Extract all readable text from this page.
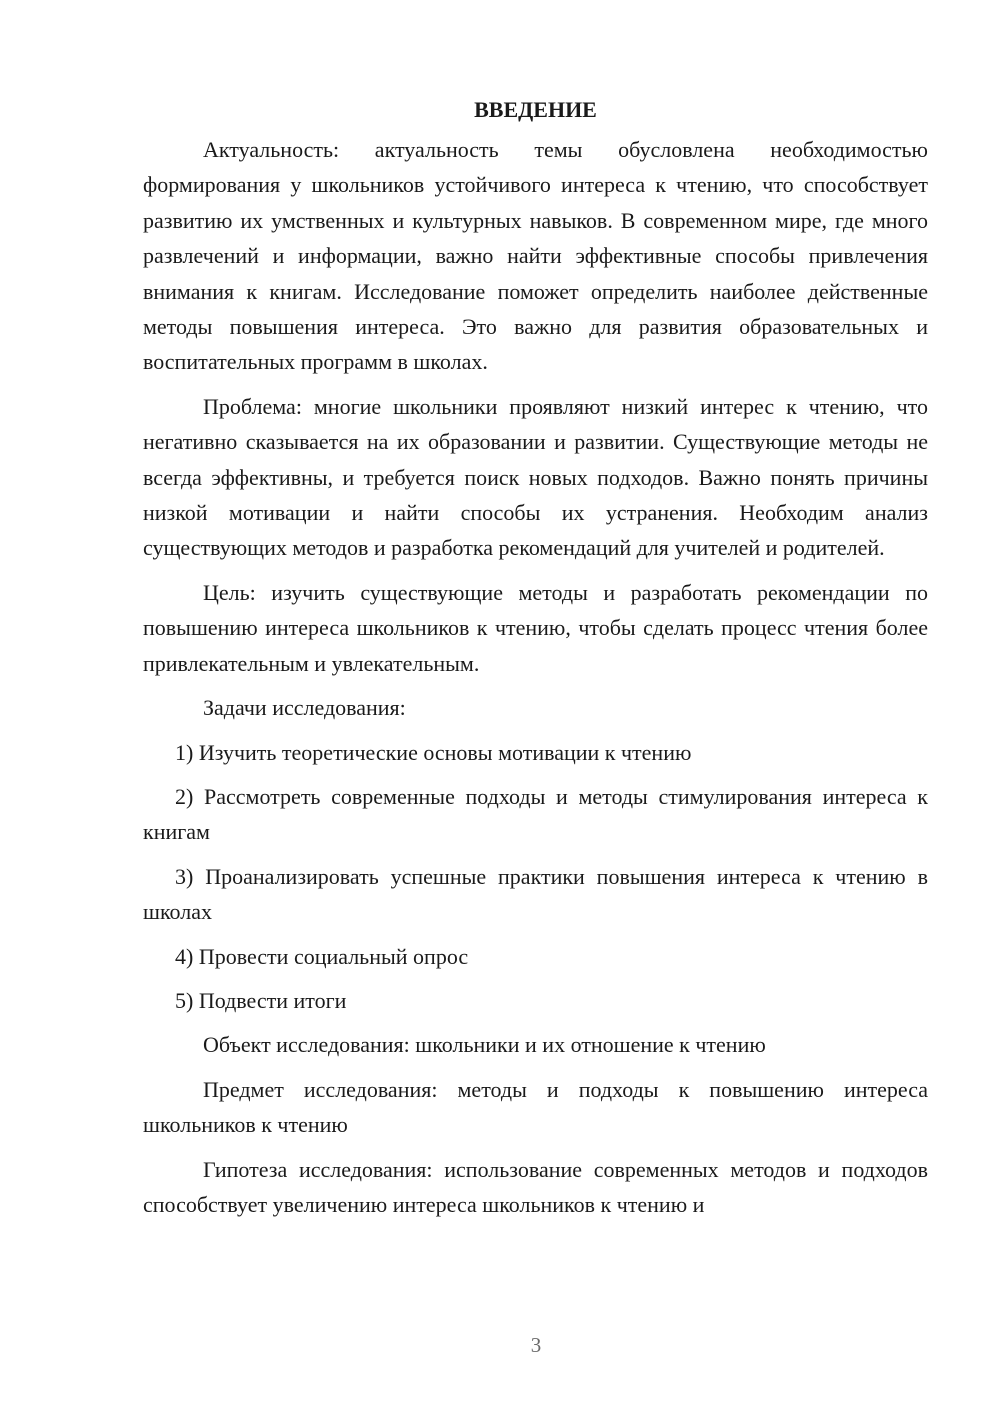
ВВЕДЕНИЕ

Актуальность: актуальность темы обусловлена необходимостью формирования у школьников устойчивого интереса к чтению, что способствует развитию их умственных и культурных навыков. В современном мире, где много развлечений и информации, важно найти эффективные способы привлечения внимания к книгам. Исследование поможет определить наиболее действенные методы повышения интереса. Это важно для развития образовательных и воспитательных программ в школах.

Проблема: многие школьники проявляют низкий интерес к чтению, что негативно сказывается на их образовании и развитии. Существующие методы не всегда эффективны, и требуется поиск новых подходов. Важно понять причины низкой мотивации и найти способы их устранения. Необходим анализ существующих методов и разработка рекомендаций для учителей и родителей.

Цель: изучить существующие методы и разработать рекомендации по повышению интереса школьников к чтению, чтобы сделать процесс чтения более привлекательным и увлекательным.

Задачи исследования:

1) Изучить теоретические основы мотивации к чтению

2) Рассмотреть современные подходы и методы стимулирования интереса к книгам

3) Проанализировать успешные практики повышения интереса к чтению в школах

4) Провести социальный опрос

5) Подвести итоги

Объект исследования: школьники и их отношение к чтению

Предмет исследования: методы и подходы к повышению интереса школьников к чтению

Гипотеза исследования: использование современных методов и подходов способствует увеличению интереса школьников к чтению и

3
